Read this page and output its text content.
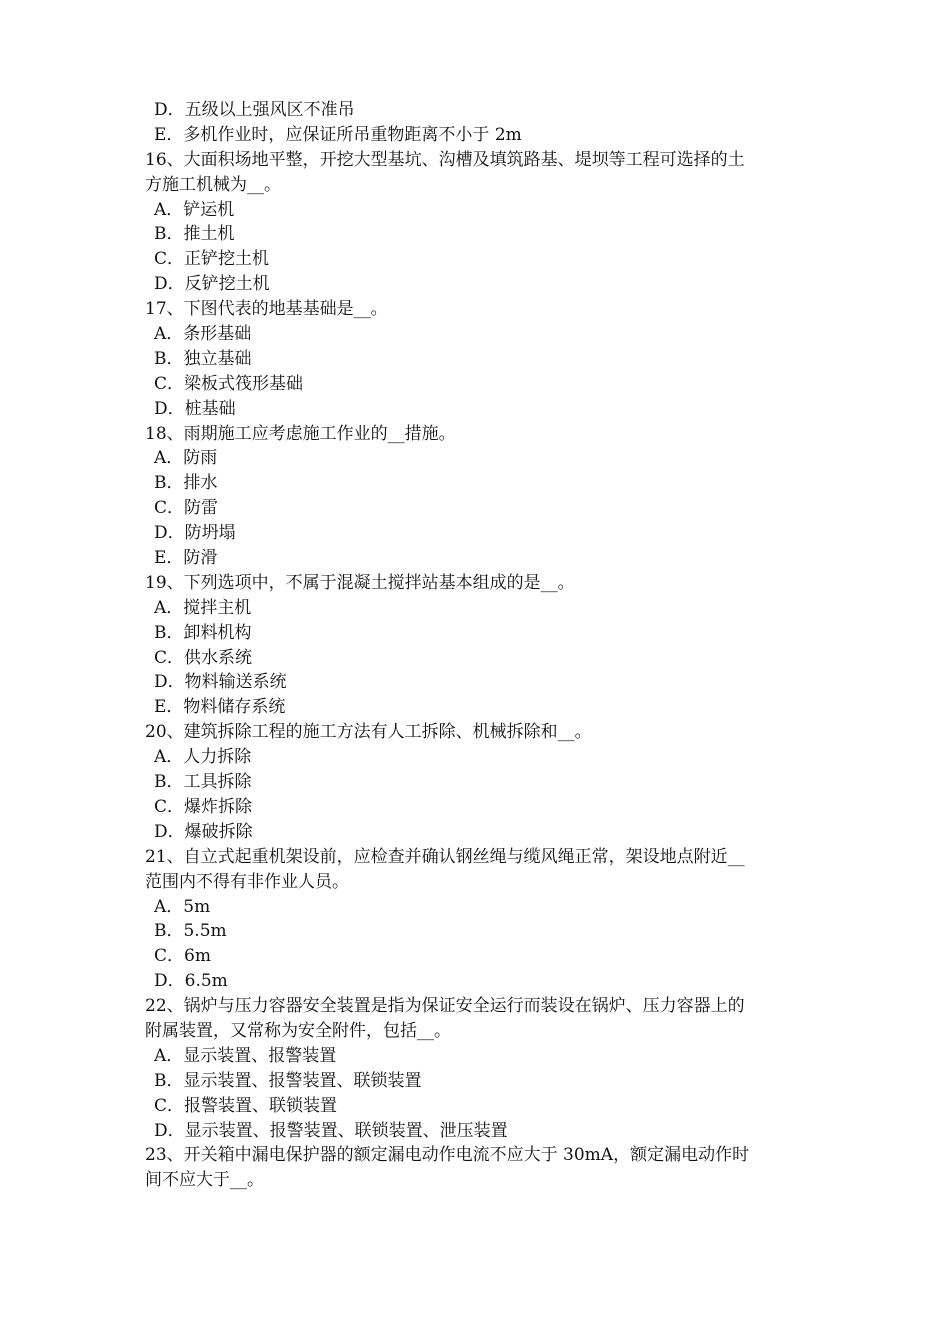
D．五级以上强风区不准吊
E．多机作业时，应保证所吊重物距离不小于 2m
16、大面积场地平整，开挖大型基坑、沟槽及填筑路基、堤坝等工程可选择的土
方施工机械为__。
A．铲运机
B．推土机
C．正铲挖土机
D．反铲挖土机
17、下图代表的地基基础是__。
A．条形基础
B．独立基础
C．梁板式筏形基础
D．桩基础
18、雨期施工应考虑施工作业的__措施。
A．防雨
B．排水
C．防雷
D．防坍塌
E．防滑
19、下列选项中，不属于混凝土搅拌站基本组成的是__。
A．搅拌主机
B．卸料机构
C．供水系统
D．物料输送系统
E．物料储存系统
20、建筑拆除工程的施工方法有人工拆除、机械拆除和__。
A．人力拆除
B．工具拆除
C．爆炸拆除
D．爆破拆除
21、自立式起重机架设前，应检查并确认钢丝绳与缆风绳正常，架设地点附近__
范围内不得有非作业人员。
A．5m
B．5.5m
C．6m
D．6.5m
22、锅炉与压力容器安全装置是指为保证安全运行而装设在锅炉、压力容器上的
附属装置，又常称为安全附件，包括__。
A．显示装置、报警装置
B．显示装置、报警装置、联锁装置
C．报警装置、联锁装置
D．显示装置、报警装置、联锁装置、泄压装置
23、开关箱中漏电保护器的额定漏电动作电流不应大于 30mA，额定漏电动作时
间不应大于__。
